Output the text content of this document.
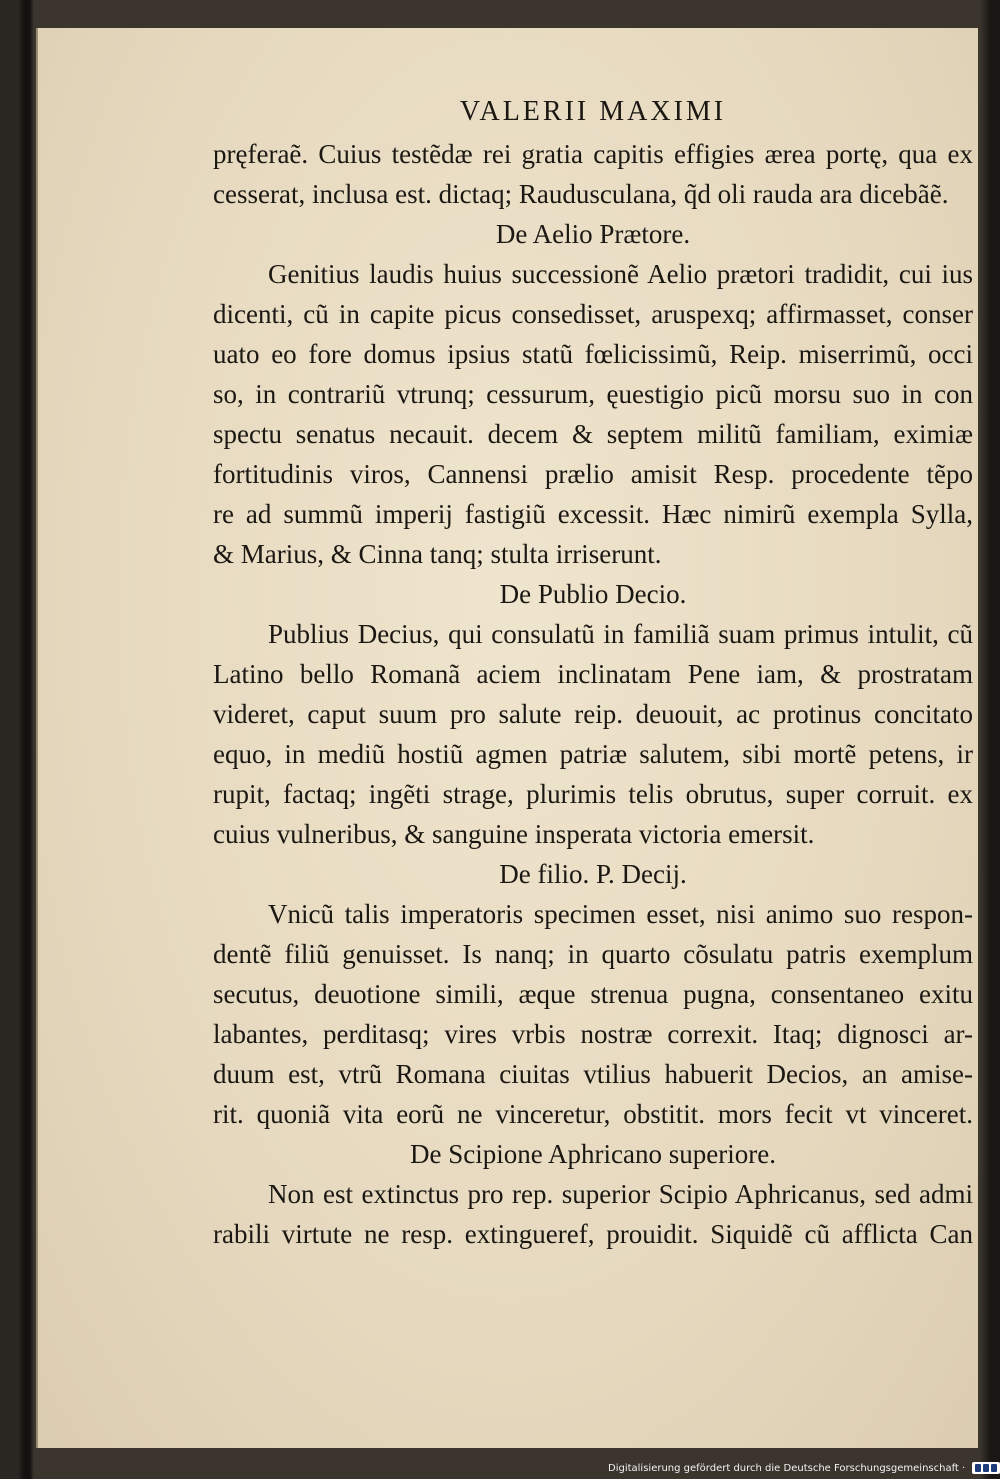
VALERII MAXIMI
pręferaẽ. Cuius testẽdæ rei gratia capitis effigies ærea portę, qua ex
cesserat, inclusa est. dictaq; Raudusculana, q̃d oli rauda ara dicebãẽ.
De Aelio Prætore.
Genitius laudis huius successionẽ Aelio prætori tradidit, cui ius
dicenti, cũ in capite picus consedisset, aruspexq; affirmasset, conser
uato eo fore domus ipsius statũ fœlicissimũ, Reip. miserrimũ, occi
so, in contrariũ vtrunq; cessurum, ęuestigio picũ morsu suo in con
spectu senatus necauit. decem & septem militũ familiam, eximiæ
fortitudinis viros, Cannensi prælio amisit Resp. procedente tẽpo
re ad summũ imperij fastigiũ excessit. Hæc nimirũ exempla Sylla,
& Marius, & Cinna tanq; stulta irriserunt.
De Publio Decio.
Publius Decius, qui consulatũ in familiã suam primus intulit, cũ
Latino bello Romanã aciem inclinatam Pene iam, & prostratam
videret, caput suum pro salute reip. deuouit, ac protinus concitato
equo, in mediũ hostiũ agmen patriæ salutem, sibi mortẽ petens, ir
rupit, factaq; ingẽti strage, plurimis telis obrutus, super corruit. ex
cuius vulneribus, & sanguine insperata victoria emersit.
De filio. P. Decij.
Vnicũ talis imperatoris specimen esset, nisi animo suo respon-
dentẽ filiũ genuisset. Is nanq; in quarto cõsulatu patris exemplum
secutus, deuotione simili, æque strenua pugna, consentaneo exitu
labantes, perditasq; vires vrbis nostræ correxit. Itaq; dignosci ar-
duum est, vtrũ Romana ciuitas vtilius habuerit Decios, an amise-
rit. quoniã vita eorũ ne vinceretur, obstitit. mors fecit vt vinceret.
De Scipione Aphricano superiore.
Non est extinctus pro rep. superior Scipio Aphricanus, sed admi
rabili virtute ne resp. extingueref, prouidit. Siquidẽ cũ afflicta Can
Digitalisierung gefördert durch die Deutsche Forschungsgemeinschaft ·
